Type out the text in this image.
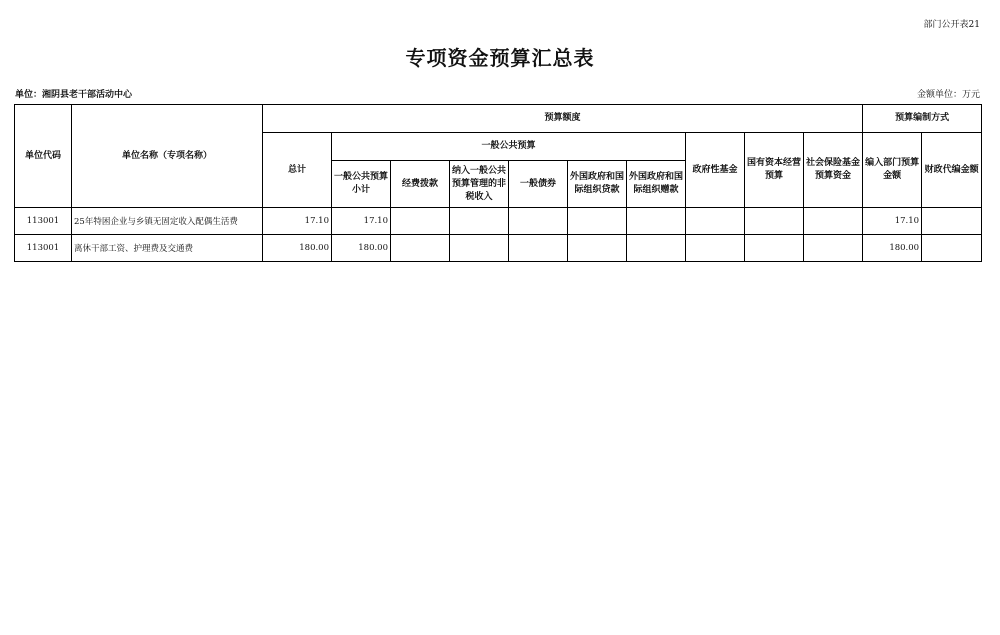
部门公开表21
专项资金预算汇总表
单位：湘阴县老干部活动中心	金额单位：万元
单位代码	单位名称（专项名称）	预算额度										预算编制方式	
		总计	一般公共预算						政府性基金	国有资本经营预算	社会保险基金预算资金	编入部门预算金额	财政代编金额
			一般公共预算小计	经费拨款	纳入一般公共预算管理的非税收入	一般债券	外国政府和国际组织贷款	外国政府和国际组织赠款					
113001	25年特困企业与乡镇无固定收入配偶生活费	17.10	17.10									17.10	
113001	离休干部工资、护理费及交通费	180.00	180.00									180.00	
